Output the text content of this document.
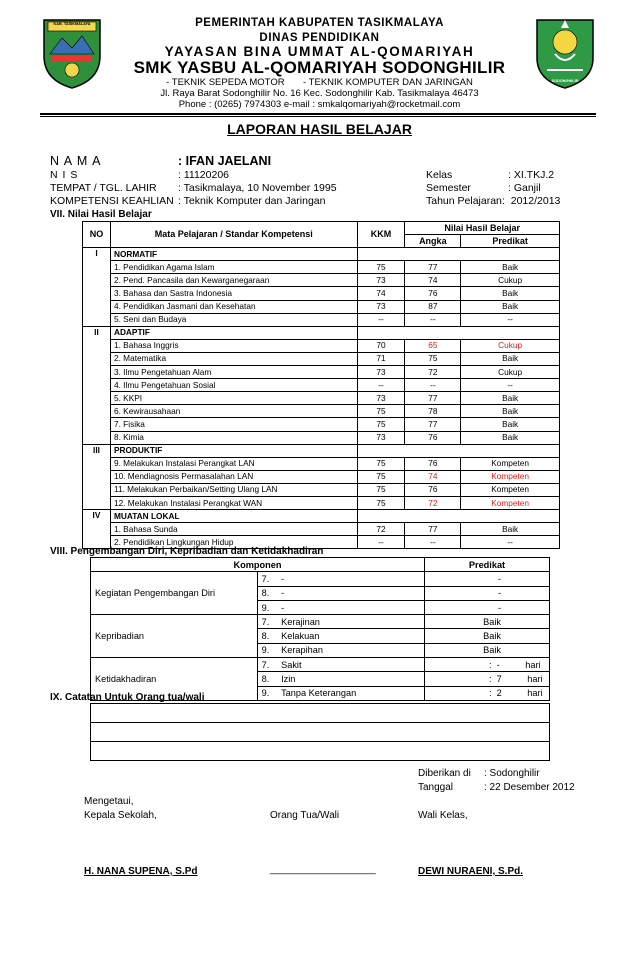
KAB. TASIKMALAYA
SODONGHILIR
PEMERINTAH KABUPATEN TASIKMALAYA
DINAS PENDIDIKAN
YAYASAN BINA UMMAT AL-QOMARIYAH
SMK YASBU AL-QOMARIYAH SODONGHILIR
- TEKNIK SEPEDA MOTOR       - TEKNIK KOMPUTER DAN JARINGAN
Jl. Raya Barat Sodonghilir No. 16 Kec. Sodonghilir Kab. Tasikmalaya 46473
Phone : (0265) 7974303 e-mail : smkalqomariyah@rocketmail.com
LAPORAN HASIL BELAJAR
N A M A	: IFAN JAELANI
N I S	: 11120206
TEMPAT / TGL. LAHIR : Tasikmalaya, 10 November 1995
KOMPETENSI KEAHLIAN : Teknik Komputer dan Jaringan
Kelas	: XI.TKJ.2
Semester	: Ganjil
Tahun Pelajaran :  2012/2013
VII. Nilai Hasil Belajar
NO	Mata Pelajaran / Standar Kompetensi	KKM	Nilai Hasil Belajar	
			Angka	Predikat
I	NORMATIF			
	1. Pendidikan Agama Islam	75	77	Baik
	2. Pend. Pancasila dan Kewarganegaraan	73	74	Cukup
	3. Bahasa dan Sastra Indonesia	74	76	Baik
	4. Pendidikan Jasmani dan Kesehatan	73	87	Baik
	5. Seni dan Budaya	--	--	--
II	ADAPTIF			
	1. Bahasa Inggris	70	65	Cukup
	2. Matematika	71	75	Baik
	3. Ilmu Pengetahuan Alam	73	72	Cukup
	4. Ilmu Pengetahuan Sosial	--	--	--
	5. KKPI	73	77	Baik
	6. Kewirausahaan	75	78	Baik
	7. Fisika	75	77	Baik
	8. Kimia	73	76	Baik
III	PRODUKTIF			
	9. Melakukan Instalasi Perangkat LAN	75	76	Kompeten
	10. Mendiagnosis Permasalahan LAN	75	74	Kompeten
	11. Melakukan Perbaikan/Setting Ulang LAN	75	76	Kompeten
	12. Melakukan Instalasi Perangkat WAN	75	72	Kompeten
IV	MUATAN LOKAL			
	1. Bahasa Sunda	72	77	Baik
	2. Pendidikan Lingkungan Hidup	--	--	--
VIII. Pengembangan Diri, Kepribadian dan Ketidakhadiran
Komponen			Predikat
Kegiatan Pengembangan Diri	7.	-	-
	8.	-	-
	9.	-	-
Kepribadian	7.	Kerajinan	Baik
	8.	Kelakuan	Baik
	9.	Kerapihan	Baik
Ketidakhadiran	7.	Sakit	:  -          hari
	8.	Izin	:  7          hari
	9.	Tanpa Keterangan	:  2          hari
IX. Catatan Untuk Orang tua/wali

Diberikan di : Sodonghilir
Tanggal	: 22 Desember 2012
Mengetaui,
Kepala Sekolah,	Orang Tua/Wali	Wali Kelas,
H. NANA SUPENA, S.Pd	___________________	DEWI NURAENI, S.Pd.
